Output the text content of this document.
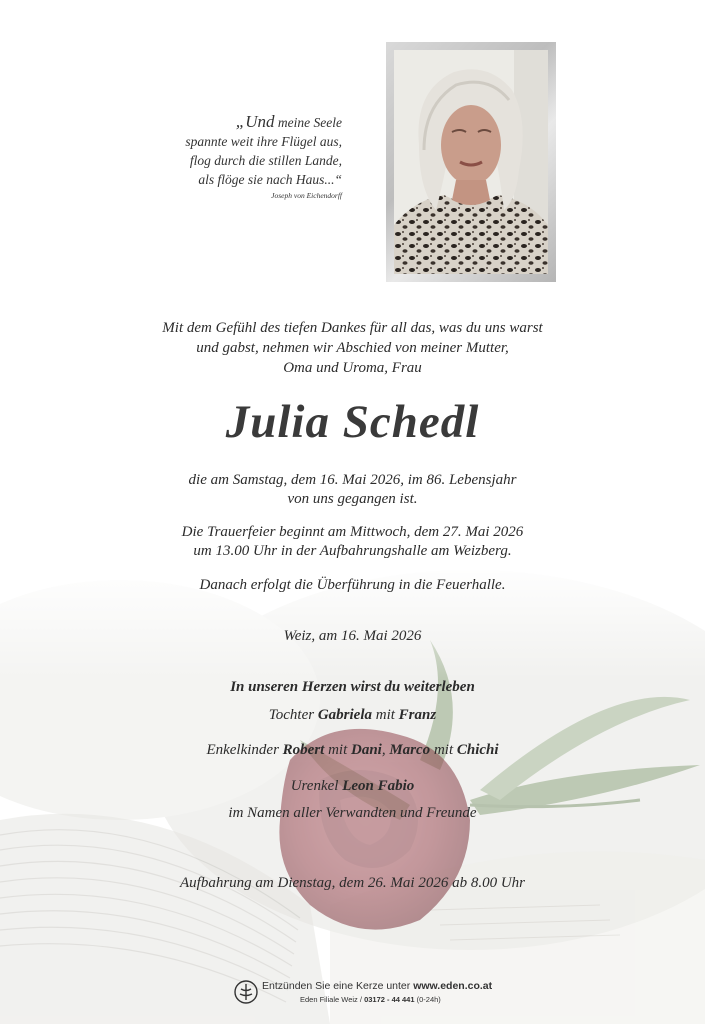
„Und meine Seele
spannte weit ihre Flügel aus,
flog durch die stillen Lande,
als flöge sie nach Haus...“
Joseph von Eichendorff

Mit dem Gefühl des tiefen Dankes für all das, was du uns warst

und gabst, nehmen wir Abschied von meiner Mutter,

Oma und Uroma, Frau

Julia Schedl

die am Samstag, dem 16. Mai 2026, im 86. Lebensjahr

von uns gegangen ist.

Die Trauerfeier beginnt am Mittwoch, dem 27. Mai 2026

um 13.00 Uhr in der Aufbahrungshalle am Weizberg.

Danach erfolgt die Überführung in die Feuerhalle.
Weiz, am 16. Mai 2026
In unseren Herzen wirst du weiterleben
Tochter Gabriela mit Franz
Enkelkinder Robert mit Dani, Marco mit Chichi
Urenkel Leon Fabio
im Namen aller Verwandten und Freunde
Aufbahrung am Dienstag, dem 26. Mai 2026 ab 8.00 Uhr
Entzünden Sie eine Kerze unter www.eden.co.at
Eden Filiale Weiz / 03172 - 44 441 (0-24h)
